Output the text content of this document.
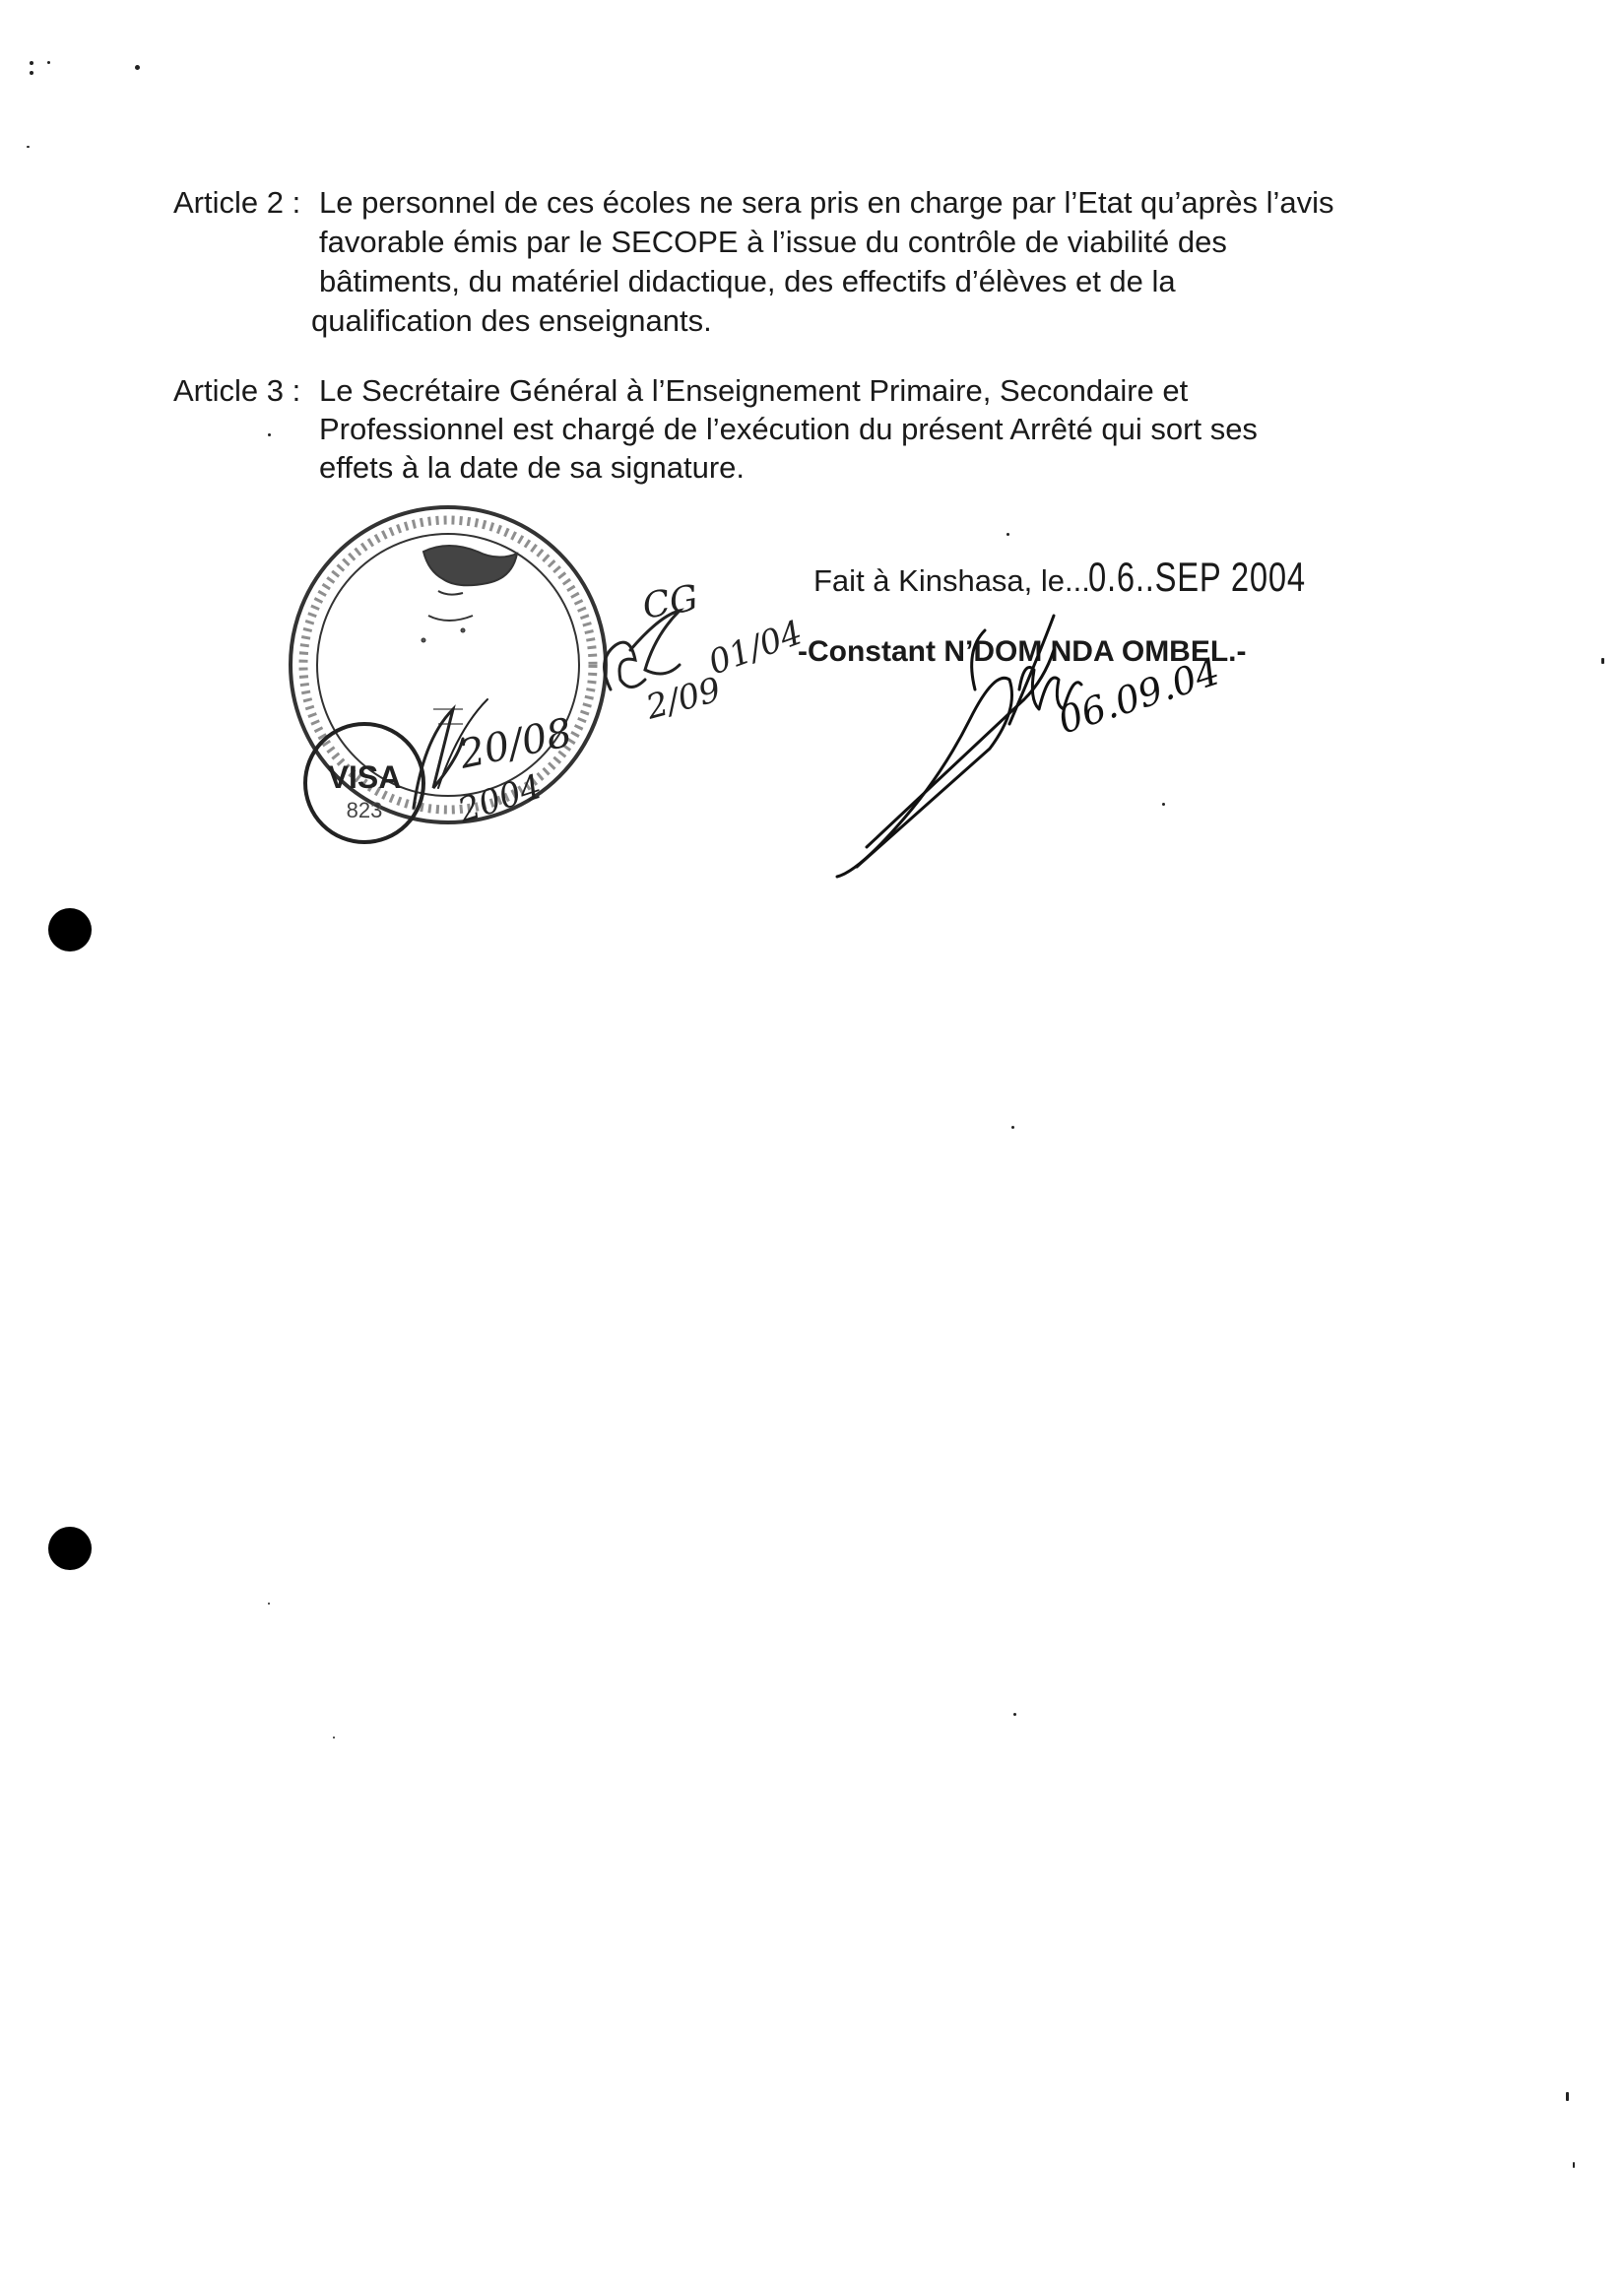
Article 2 : Le personnel de ces écoles ne sera pris en charge par l’Etat qu’après l’avis
favorable émis par le SECOPE à l’issue du contrôle de viabilité des
bâtiments, du matériel didactique, des effectifs d’élèves et de la
qualification des enseignants.
Article 3 : Le Secrétaire Général à l’Enseignement Primaire, Secondaire et
Professionnel est chargé de l’exécution du présent Arrêté qui sort ses
effets à la date de sa signature.
Fait à Kinshasa, le...0.6..SEP 2004
-Constant N’DOM NDA OMBEL.-
20/08
2004
VISA
823
CG
01/04
2/09	06.09.04
